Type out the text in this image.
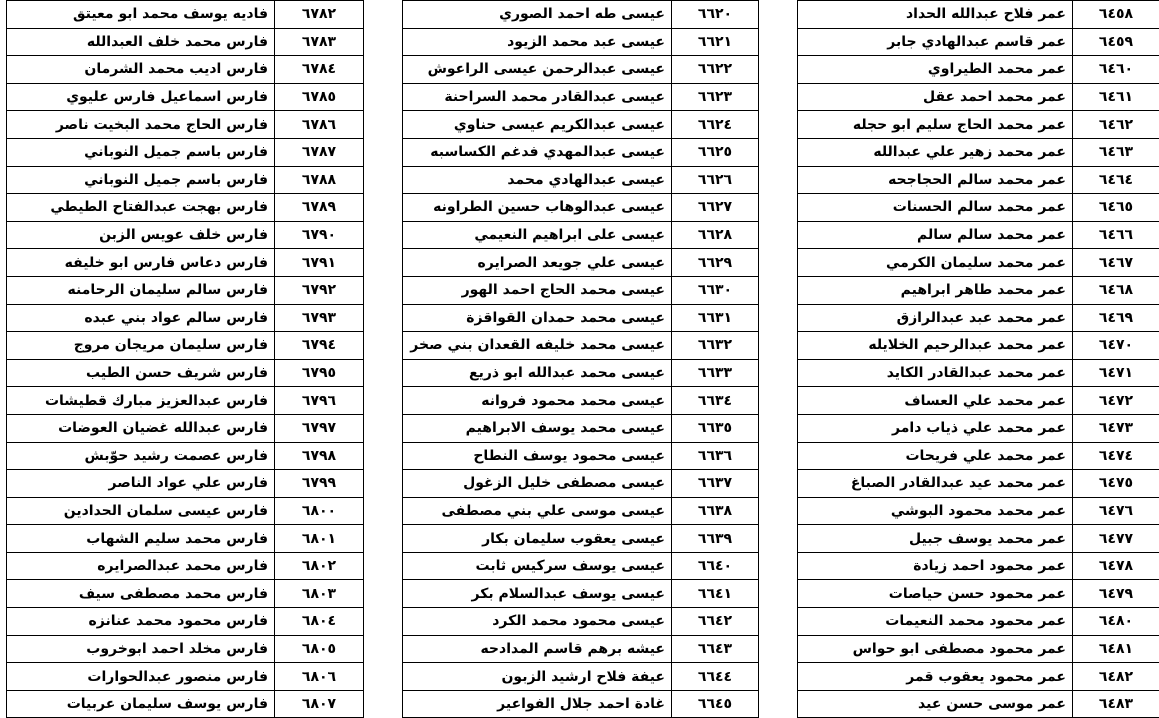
٦٧٨٢	فاديه يوسف محمد ابو معيتق
٦٧٨٣	فارس محمد خلف العبدالله
٦٧٨٤	فارس اديب محمد الشرمان
٦٧٨٥	فارس اسماعيل فارس عليوي
٦٧٨٦	فارس الحاج محمد البخيت ناصر
٦٧٨٧	فارس باسم جميل النوباني
٦٧٨٨	فارس باسم جميل النوباني
٦٧٨٩	فارس بهجت عبدالفتاح الطيطي
٦٧٩٠	فارس خلف عويس الزبن
٦٧٩١	فارس دعاس فارس ابو خليفه
٦٧٩٢	فارس سالم سليمان الرحامنه
٦٧٩٣	فارس سالم عواد بني عبده
٦٧٩٤	فارس سليمان مريجان مروج
٦٧٩٥	فارس شريف حسن الطيب
٦٧٩٦	فارس عبدالعزيز مبارك قطيشات
٦٧٩٧	فارس عبدالله غضيان العوضات
٦٧٩٨	فارس عصمت رشيد حوّبش
٦٧٩٩	فارس علي عواد الناصر
٦٨٠٠	فارس عيسى سلمان الحدادين
٦٨٠١	فارس محمد سليم الشهاب
٦٨٠٢	فارس محمد عبدالصرايره
٦٨٠٣	فارس محمد مصطفى سيف
٦٨٠٤	فارس محمود محمد عنانزه
٦٨٠٥	فارس مخلد احمد ابوخروب
٦٨٠٦	فارس منصور عبدالحوارات
٦٨٠٧	فارس يوسف سليمان عربيات
٦٦٢٠	عيسى طه احمد الصوري
٦٦٢١	عيسى عبد محمد الزيود
٦٦٢٢	عيسى عبدالرحمن عيسى الراعوش
٦٦٢٣	عيسى عبدالقادر محمد السراحنة
٦٦٢٤	عيسى عبدالكريم عيسى حناوي
٦٦٢٥	عيسى عبدالمهدي فدغم الكساسبه
٦٦٢٦	عيسى عبدالهادي محمد
٦٦٢٧	عيسى عبدالوهاب حسين الطراونه
٦٦٢٨	عيسى على ابراهيم النعيمي
٦٦٢٩	عيسى علي جويعد الصرايره
٦٦٣٠	عيسى محمد الحاج احمد الهور
٦٦٣١	عيسى محمد حمدان القواقزة
٦٦٣٢	عيسى محمد خليفه القعدان بني صخر
٦٦٣٣	عيسى محمد عبدالله ابو ذريع
٦٦٣٤	عيسى محمد محمود فروانه
٦٦٣٥	عيسى محمد يوسف الابراهيم
٦٦٣٦	عيسى محمود يوسف النطاح
٦٦٣٧	عيسى مصطفى خليل الزغول
٦٦٣٨	عيسى موسى علي بني مصطفى
٦٦٣٩	عيسى يعقوب سليمان بكار
٦٦٤٠	عيسى يوسف سركيس ثابت
٦٦٤١	عيسى يوسف عبدالسلام بكر
٦٦٤٢	عيسى محمود محمد الكرد
٦٦٤٣	عيشه برهم قاسم المدادحه
٦٦٤٤	عيفة فلاح ارشيد الزبون
٦٦٤٥	غادة احمد جلال الفواعير
٦٤٥٨	عمر فلاح عبدالله الحداد
٦٤٥٩	عمر قاسم عبدالهادي جابر
٦٤٦٠	عمر محمد الطيراوي
٦٤٦١	عمر محمد احمد عقل
٦٤٦٢	عمر محمد الحاج سليم ابو حجله
٦٤٦٣	عمر محمد زهير علي عبدالله
٦٤٦٤	عمر محمد سالم الحجاجحه
٦٤٦٥	عمر محمد سالم الحسنات
٦٤٦٦	عمر محمد سالم سالم
٦٤٦٧	عمر محمد سليمان الكرمي
٦٤٦٨	عمر محمد طاهر ابراهيم
٦٤٦٩	عمر محمد عبد عبدالرازق
٦٤٧٠	عمر محمد عبدالرحيم الخلايله
٦٤٧١	عمر محمد عبدالقادر الكايد
٦٤٧٢	عمر محمد علي العساف
٦٤٧٣	عمر محمد علي ذياب دامر
٦٤٧٤	عمر محمد علي فريحات
٦٤٧٥	عمر محمد عيد عبدالقادر الصباغ
٦٤٧٦	عمر محمد محمود البوشي
٦٤٧٧	عمر محمد يوسف جبيل
٦٤٧٨	عمر محمود احمد زيادة
٦٤٧٩	عمر محمود حسن حياصات
٦٤٨٠	عمر محمود محمد النعيمات
٦٤٨١	عمر محمود مصطفى ابو حواس
٦٤٨٢	عمر محمود يعقوب قمر
٦٤٨٣	عمر موسى حسن عيد
